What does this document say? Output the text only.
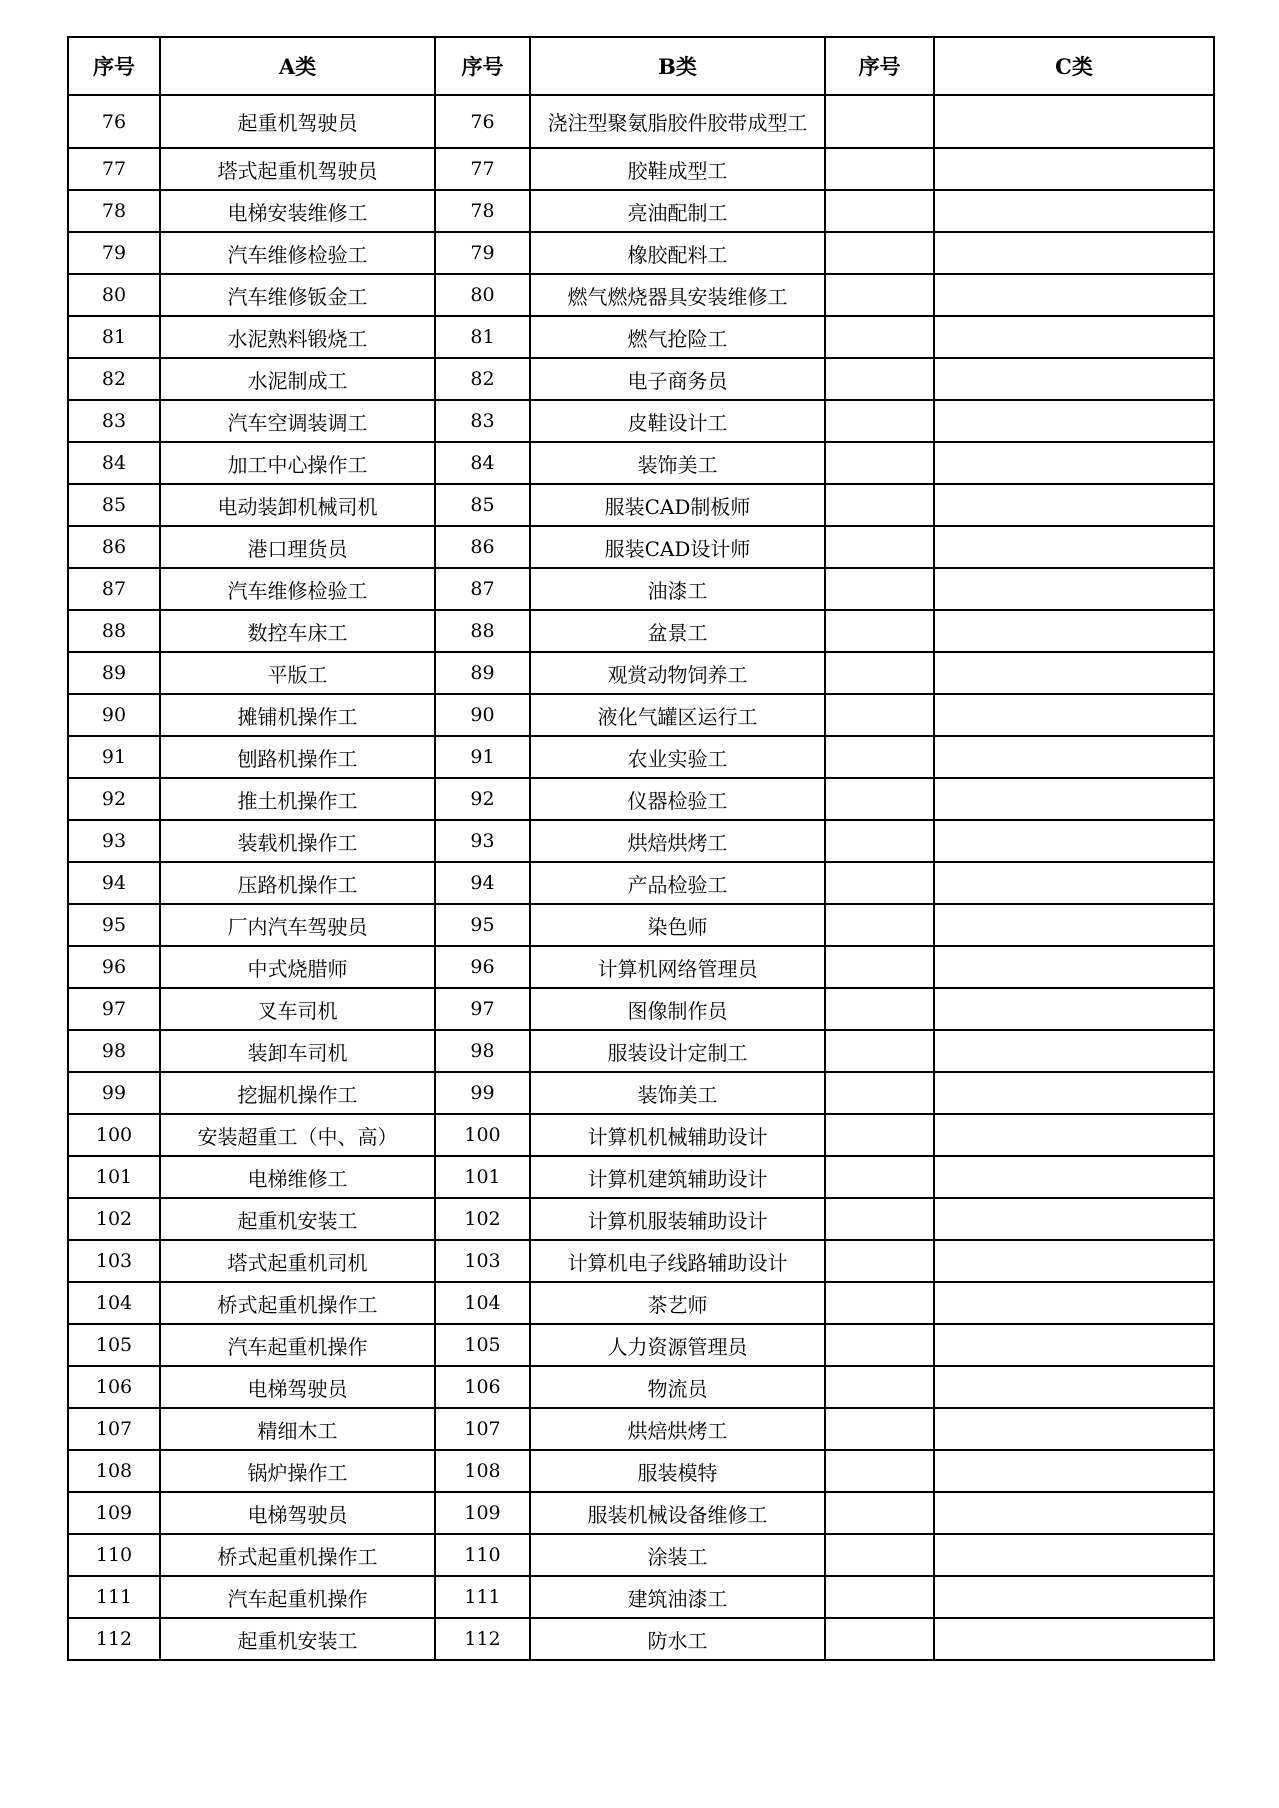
序号	A类	序号	B类	序号	C类
76	起重机驾驶员	76	浇注型聚氨脂胶件胶带成型工		
77	塔式起重机驾驶员	77	胶鞋成型工		
78	电梯安装维修工	78	亮油配制工		
79	汽车维修检验工	79	橡胶配料工		
80	汽车维修钣金工	80	燃气燃烧器具安装维修工		
81	水泥熟料锻烧工	81	燃气抢险工		
82	水泥制成工	82	电子商务员		
83	汽车空调装调工	83	皮鞋设计工		
84	加工中心操作工	84	装饰美工		
85	电动装卸机械司机	85	服装CAD制板师		
86	港口理货员	86	服装CAD设计师		
87	汽车维修检验工	87	油漆工		
88	数控车床工	88	盆景工		
89	平版工	89	观赏动物饲养工		
90	摊铺机操作工	90	液化气罐区运行工		
91	刨路机操作工	91	农业实验工		
92	推土机操作工	92	仪器检验工		
93	装载机操作工	93	烘焙烘烤工		
94	压路机操作工	94	产品检验工		
95	厂内汽车驾驶员	95	染色师		
96	中式烧腊师	96	计算机网络管理员		
97	叉车司机	97	图像制作员		
98	装卸车司机	98	服装设计定制工		
99	挖掘机操作工	99	装饰美工		
100	安装超重工（中、高）	100	计算机机械辅助设计		
101	电梯维修工	101	计算机建筑辅助设计		
102	起重机安装工	102	计算机服装辅助设计		
103	塔式起重机司机	103	计算机电子线路辅助设计		
104	桥式起重机操作工	104	茶艺师		
105	汽车起重机操作	105	人力资源管理员		
106	电梯驾驶员	106	物流员		
107	精细木工	107	烘焙烘烤工		
108	锅炉操作工	108	服装模特		
109	电梯驾驶员	109	服装机械设备维修工		
110	桥式起重机操作工	110	涂装工		
111	汽车起重机操作	111	建筑油漆工		
112	起重机安装工	112	防水工		
